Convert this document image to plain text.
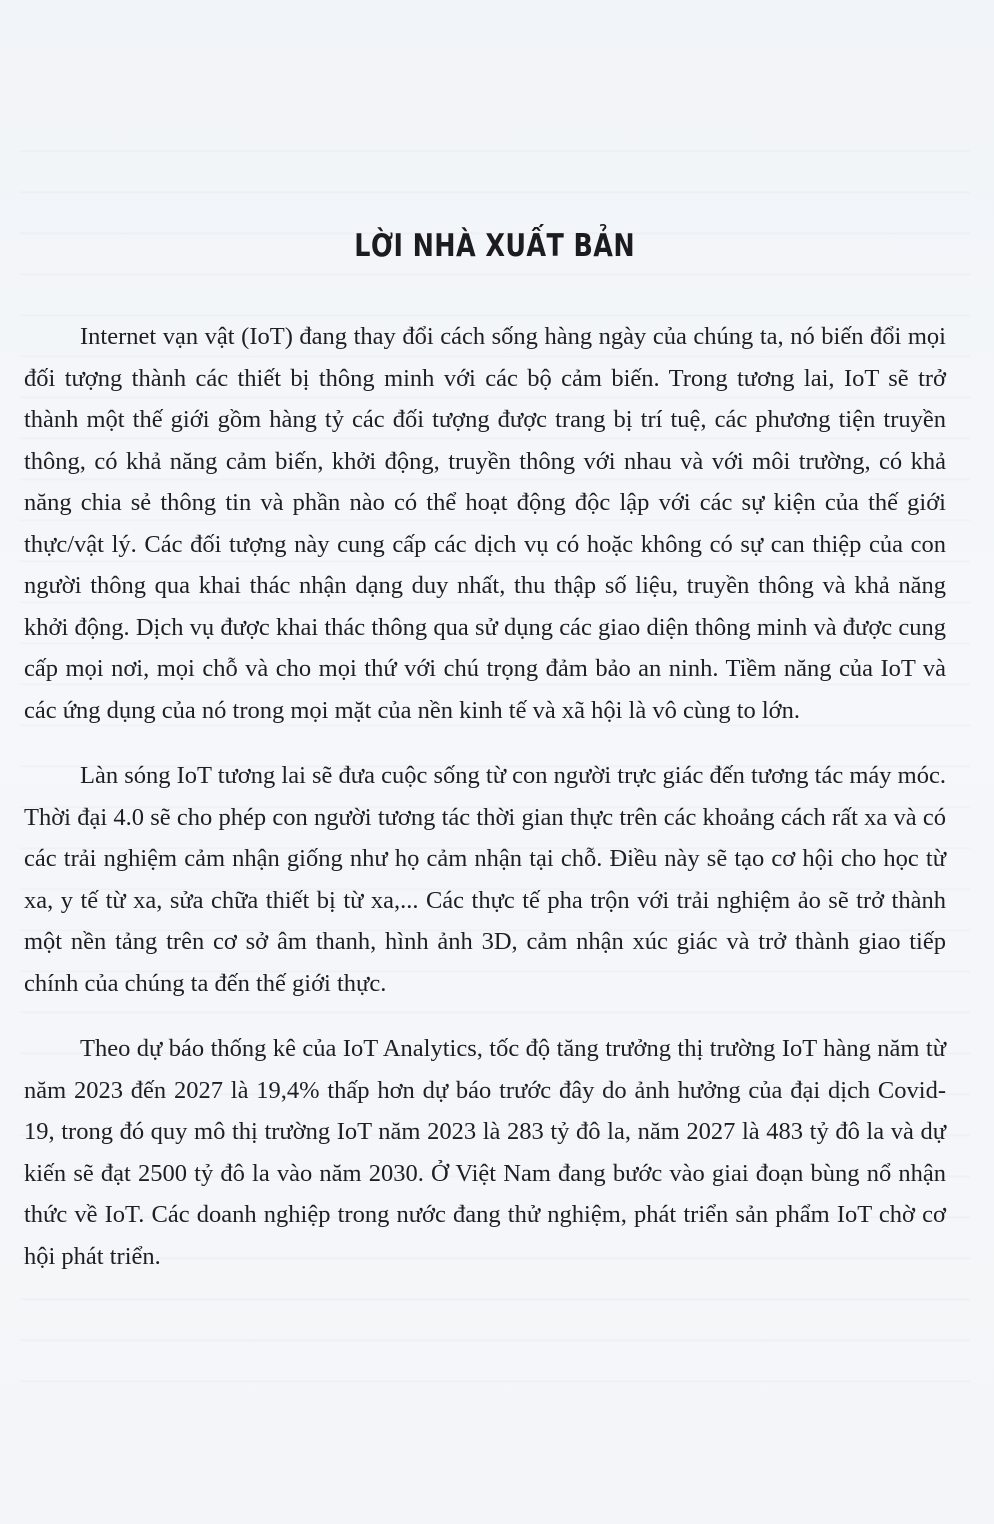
LỜI NHÀ XUẤT BẢN

Internet vạn vật (IoT) đang thay đổi cách sống hàng ngày của chúng ta, nó biến đổi mọi đối tượng thành các thiết bị thông minh với các bộ cảm biến. Trong tương lai, IoT sẽ trở thành một thế giới gồm hàng tỷ các đối tượng được trang bị trí tuệ, các phương tiện truyền thông, có khả năng cảm biến, khởi động, truyền thông với nhau và với môi trường, có khả năng chia sẻ thông tin và phần nào có thể hoạt động độc lập với các sự kiện của thế giới thực/vật lý. Các đối tượng này cung cấp các dịch vụ có hoặc không có sự can thiệp của con người thông qua khai thác nhận dạng duy nhất, thu thập số liệu, truyền thông và khả năng khởi động. Dịch vụ được khai thác thông qua sử dụng các giao diện thông minh và được cung cấp mọi nơi, mọi chỗ và cho mọi thứ với chú trọng đảm bảo an ninh. Tiềm năng của IoT và các ứng dụng của nó trong mọi mặt của nền kinh tế và xã hội là vô cùng to lớn.

Làn sóng IoT tương lai sẽ đưa cuộc sống từ con người trực giác đến tương tác máy móc. Thời đại 4.0 sẽ cho phép con người tương tác thời gian thực trên các khoảng cách rất xa và có các trải nghiệm cảm nhận giống như họ cảm nhận tại chỗ. Điều này sẽ tạo cơ hội cho học từ xa, y tế từ xa, sửa chữa thiết bị từ xa,... Các thực tế pha trộn với trải nghiệm ảo sẽ trở thành một nền tảng trên cơ sở âm thanh, hình ảnh 3D, cảm nhận xúc giác và trở thành giao tiếp chính của chúng ta đến thế giới thực.

Theo dự báo thống kê của IoT Analytics, tốc độ tăng trưởng thị trường IoT hàng năm từ năm 2023 đến 2027 là 19,4% thấp hơn dự báo trước đây do ảnh hưởng của đại dịch Covid-19, trong đó quy mô thị trường IoT năm 2023 là 283 tỷ đô la, năm 2027 là 483 tỷ đô la và dự kiến sẽ đạt 2500 tỷ đô la vào năm 2030. Ở Việt Nam đang bước vào giai đoạn bùng nổ nhận thức về IoT. Các doanh nghiệp trong nước đang thử nghiệm, phát triển sản phẩm IoT chờ cơ hội phát triển.
